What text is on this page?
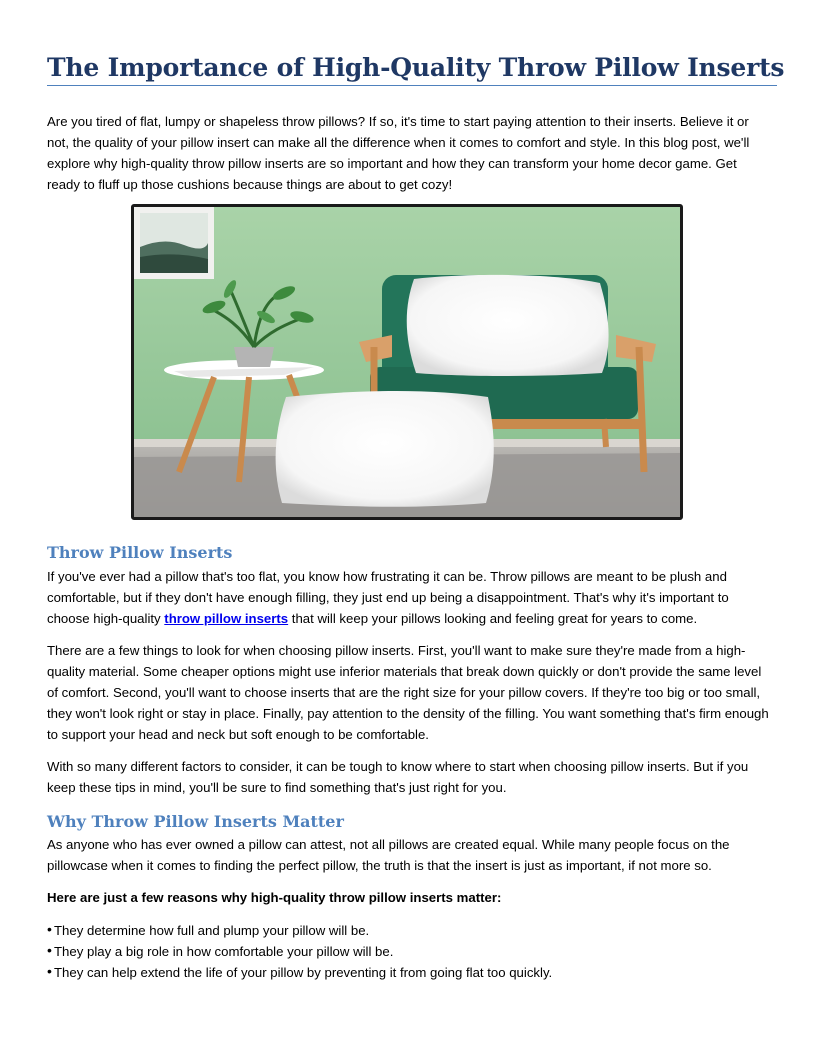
The Importance of High-Quality Throw Pillow Inserts

Are you tired of flat, lumpy or shapeless throw pillows? If so, it's time to start paying attention to their inserts. Believe it or not, the quality of your pillow insert can make all the difference when it comes to comfort and style. In this blog post, we'll explore why high-quality throw pillow inserts are so important and how they can transform your home decor game. Get ready to fluff up those cushions because things are about to get cozy!

Throw Pillow Inserts

If you've ever had a pillow that's too flat, you know how frustrating it can be. Throw pillows are meant to be plush and comfortable, but if they don't have enough filling, they just end up being a disappointment. That's why it's important to choose high-quality throw pillow inserts that will keep your pillows looking and feeling great for years to come.

There are a few things to look for when choosing pillow inserts. First, you'll want to make sure they're made from a high- quality material. Some cheaper options might use inferior materials that break down quickly or don't provide the same level of comfort. Second, you'll want to choose inserts that are the right size for your pillow covers. If they're too big or too small, they won't look right or stay in place. Finally, pay attention to the density of the filling. You want something that's firm enough to support your head and neck but soft enough to be comfortable.

With so many different factors to consider, it can be tough to know where to start when choosing pillow inserts. But if you keep these tips in mind, you'll be sure to find something that's just right for you.

Why Throw Pillow Inserts Matter

As anyone who has ever owned a pillow can attest, not all pillows are created equal. While many people focus on the pillowcase when it comes to finding the perfect pillow, the truth is that the insert is just as important, if not more so.

Here are just a few reasons why high-quality throw pillow inserts matter:

• They determine how full and plump your pillow will be.
• They play a big role in how comfortable your pillow will be.
• They can help extend the life of your pillow by preventing it from going flat too quickly.
